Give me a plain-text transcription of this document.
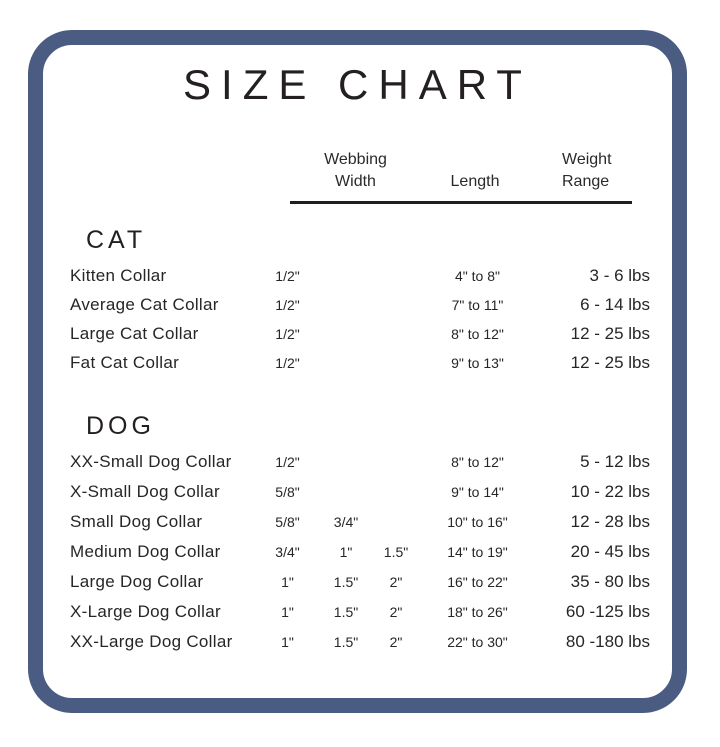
SIZE CHART
Webbing
Width	Length
Weight
Range
CAT
Kitten Collar	1/2"	4" to 8"	3 - 6 lbs
Average Cat Collar	1/2"	7" to 11"	6 - 14 lbs
Large Cat Collar	1/2"	8" to 12"	12 - 25 lbs
Fat Cat Collar	1/2"	9" to 13"	12 - 25 lbs
DOG
XX-Small Dog Collar	1/2"	8" to 12"	5 - 12 lbs
X-Small Dog Collar	5/8"	9" to 14"	10 - 22 lbs
Small Dog Collar	5/8"	3/4"	10" to 16"	12 - 28 lbs
Medium Dog Collar	3/4"	1"	1.5"	14" to 19"	20 - 45 lbs
Large Dog Collar	1"	1.5"	2"	16" to 22"	35 - 80 lbs
X-Large Dog Collar	1"	1.5"	2"	18" to 26"	60 -125 lbs
XX-Large Dog Collar	1"	1.5"	2"	22" to 30"	80 -180 lbs
